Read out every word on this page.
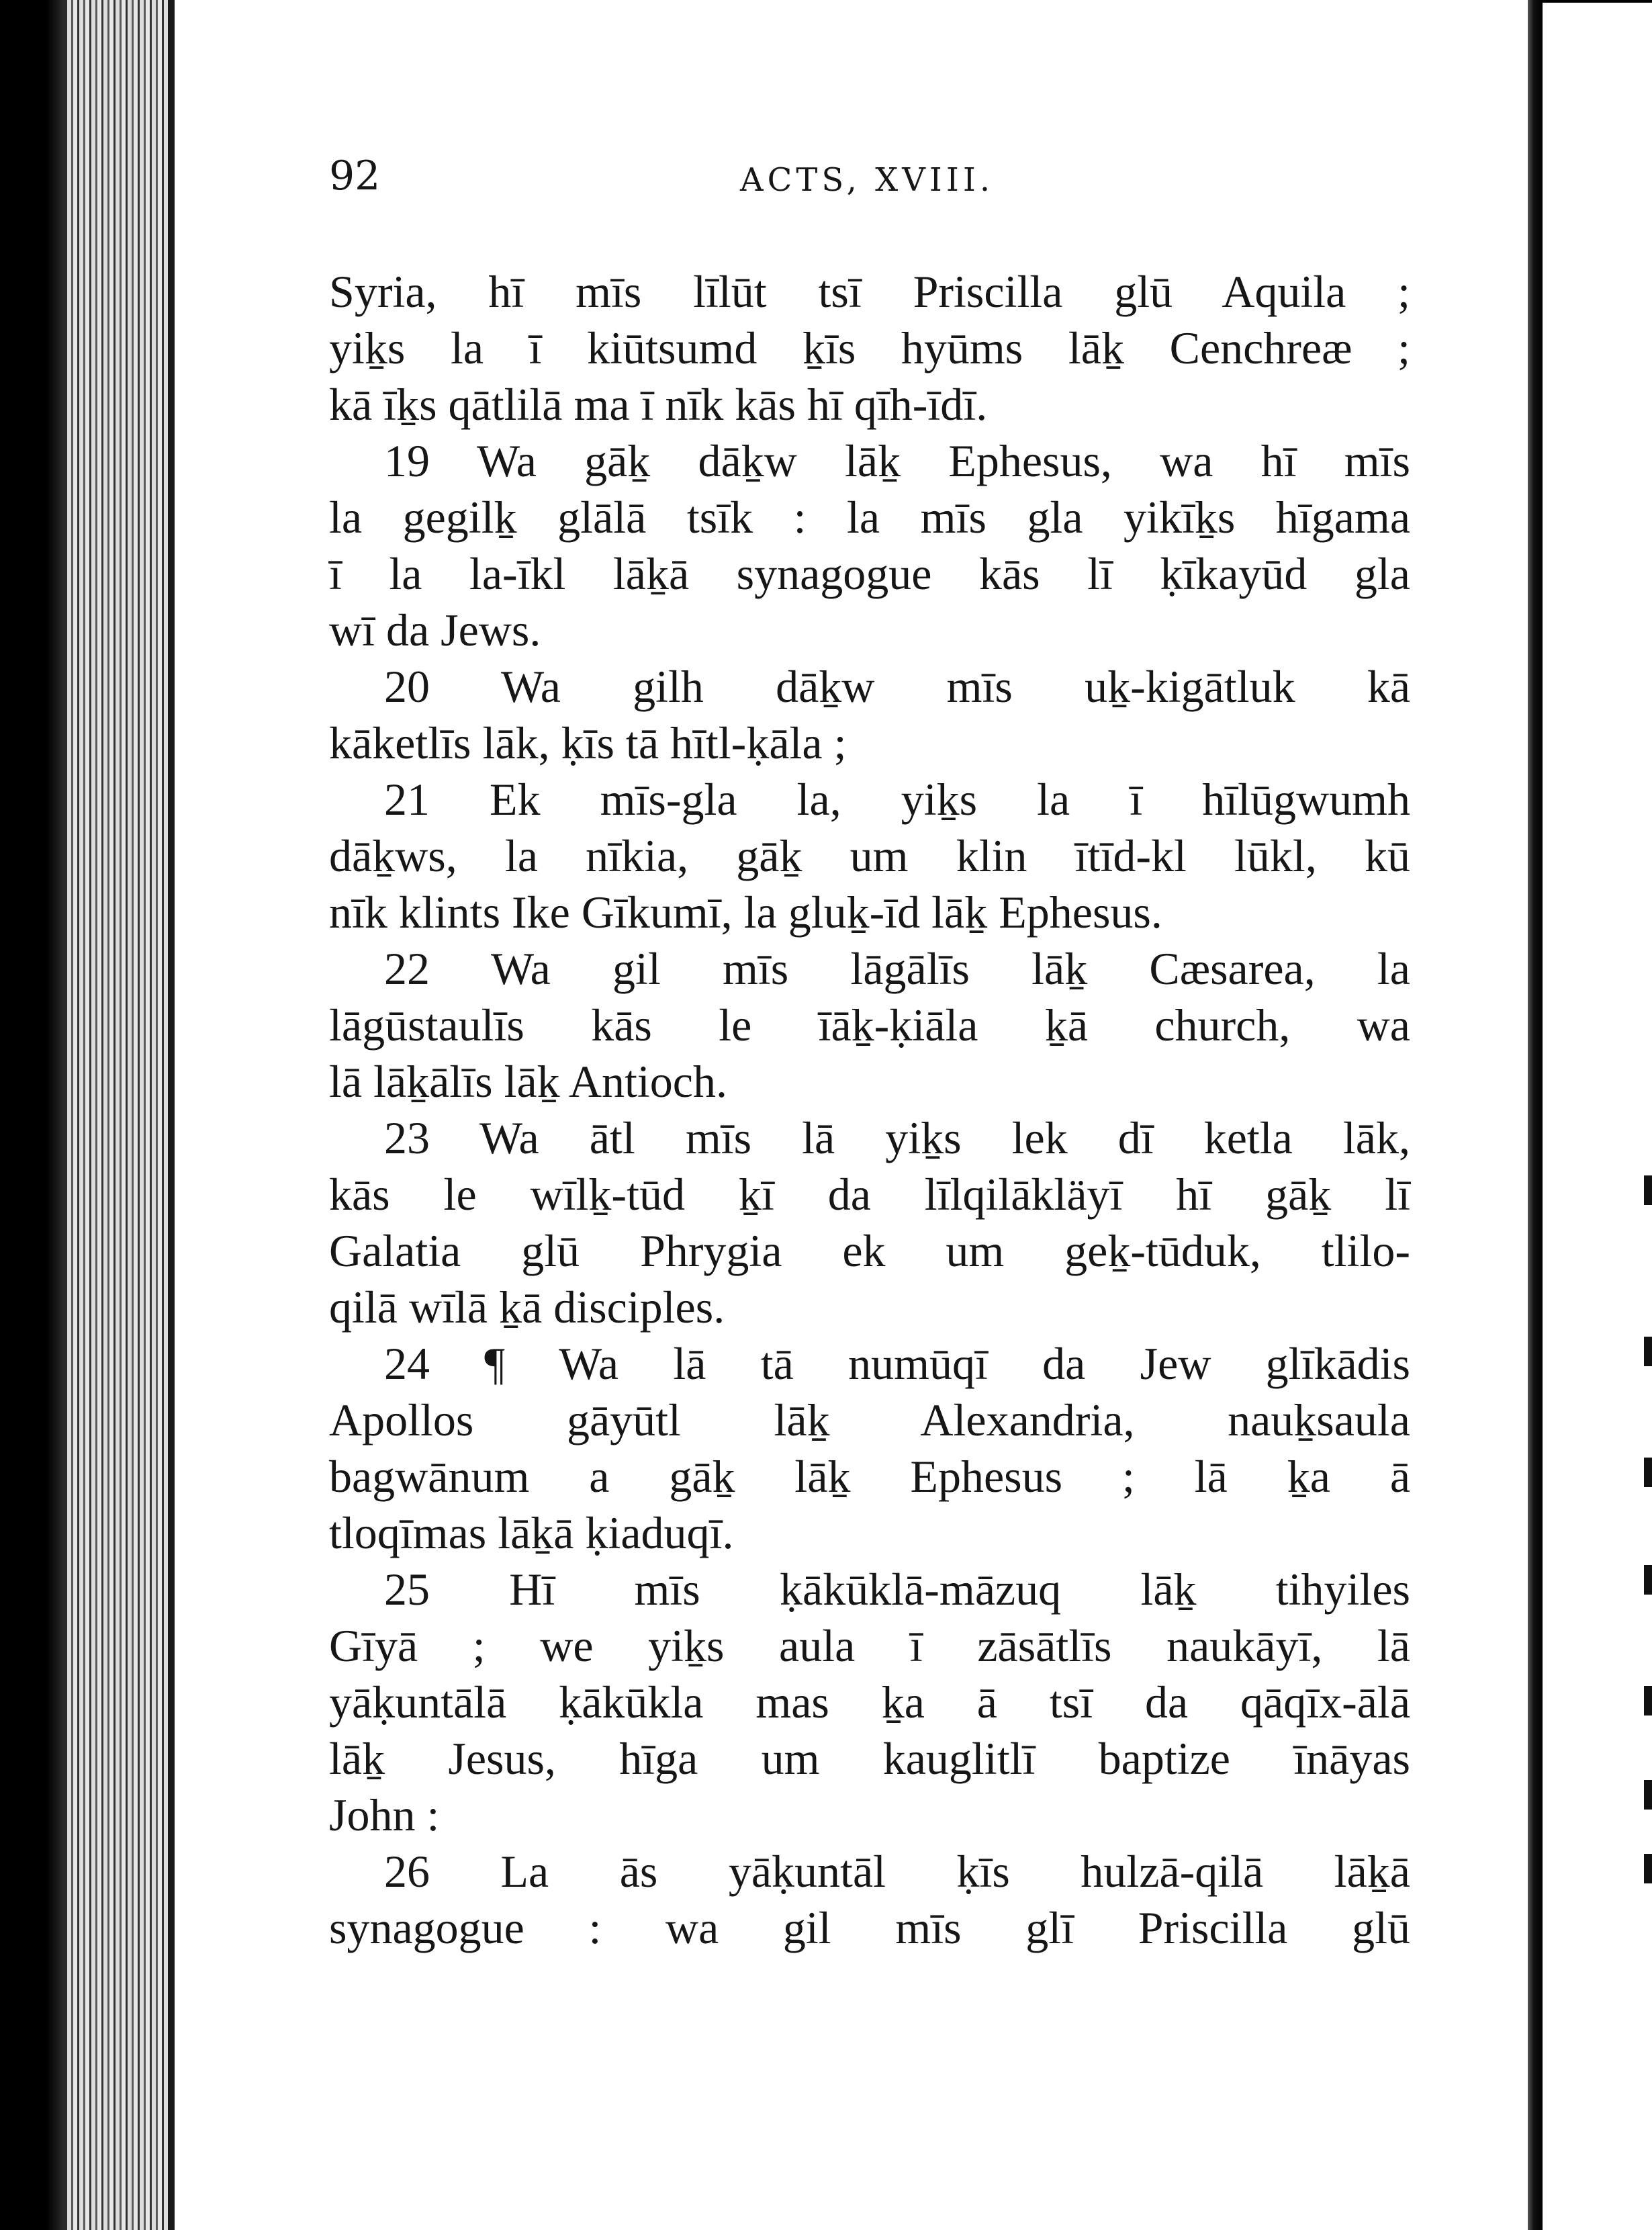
92	ACTS, XVIII.
Syria, hī mīs līlūt tsī Priscilla glū Aquila ;
yiḵs la ī kiūtsumd ḵīs hyūms lāḵ Cenchreæ ;
kā īḵs qātlilā ma ī nīk kās hī qīh-īdī.
19 Wa gāḵ dāḵw lāḵ Ephesus, wa hī mīs
la gegilḵ glālā tsīk : la mīs gla yikīḵs hīgama
ī la la-īkl lāḵā synagogue kās lī ḳīkayūd gla
wī da Jews.
20 Wa gilh dāḵw mīs uḵ-kigātluk kā
kāketlīs lāk, ḳīs tā hītl-ḳāla ;
21 Ek mīs-gla la, yiḵs la ī hīlūgwumh
dāḵws, la nīkia, gāḵ um klin ītīd-kl lūkl, kū
nīk klints Ike Gīkumī, la gluḵ-īd lāḵ Ephesus.
22 Wa gil mīs lāgālīs lāḵ Cæsarea, la
lāgūstaulīs kās le īāḵ-ḳiāla ḵā church, wa
lā lāḵālīs lāḵ Antioch.
23 Wa ātl mīs lā yiḵs lek dī ketla lāk,
kās le wīlḵ-tūd ḵī da līlqilākläyī hī gāḵ lī
Galatia glū Phrygia ek um geḵ-tūduk, tlilo-
qilā wīlā ḵā disciples.
24 ¶ Wa lā tā numūqī da Jew glīkādis
Apollos gāyūtl lāḵ Alexandria, nauḵsaula
bagwānum a gāḵ lāḵ Ephesus ; lā ḵa ā
tloqīmas lāḵā ḳiaduqī.
25 Hī mīs ḳākūklā-māzuq lāḵ tihyiles
Gīyā ; we yiḵs aula ī zāsātlīs naukāyī, lā
yāḳuntālā ḳākūkla mas ḵa ā tsī da qāqīx-ālā
lāḵ Jesus, hīga um kauglitlī baptize īnāyas
John :
26 La ās yāḳuntāl ḳīs hulzā-qilā lāḵā
synagogue : wa gil mīs glī Priscilla glū
